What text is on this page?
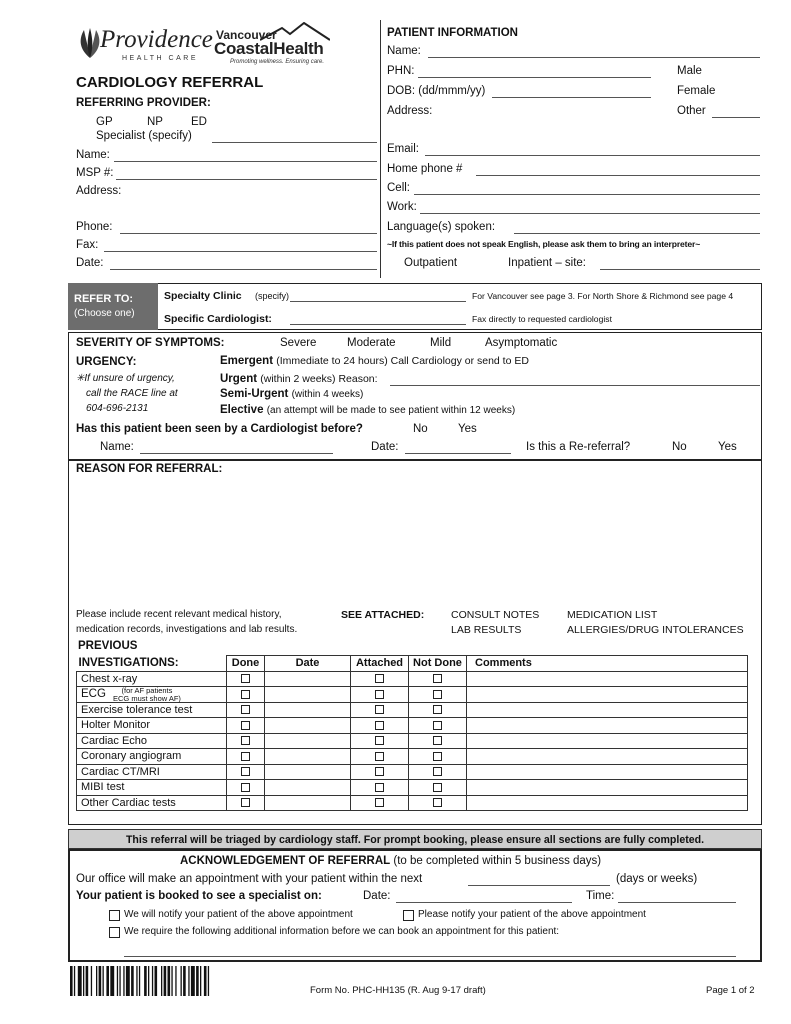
Providence
HEALTH CARE
Vancouver
CoastalHealth
Promoting wellness. Ensuring care.
CARDIOLOGY REFERRAL
REFERRING PROVIDER:
GP	NP ED
Specialist (specify)
Name:
MSP #:
Address:
Phone:
Fax:
Date:
PATIENT INFORMATION
Name:
PHN:	Male
DOB: (dd/mmm/yy)	Female
Address:	Other
Email:
Home phone #
Cell:
Work:
Language(s) spoken:
~If this patient does not speak English, please ask them to bring an interpreter~
Outpatient	Inpatient – site:
REFER TO:
(Choose one)
Specialty Clinic (specify)	For Vancouver see page 3. For North Shore & Richmond see page 4
Specific Cardiologist:	Fax directly to requested cardiologist
SEVERITY OF SYMPTOMS:	Severe	Moderate	Mild	Asymptomatic
URGENCY:
✳If unsure of urgency,
call the RACE line at
604-696-2131
Emergent (Immediate to 24 hours) Call Cardiology or send to ED
Urgent (within 2 weeks) Reason:
Semi-Urgent (within 4 weeks)
Elective (an attempt will be made to see patient within 12 weeks)
Has this patient been seen by a Cardiologist before?	No	Yes
Name:	Date:	Is this a Re-referral?	No	Yes
REASON FOR REFERRAL:
Please include recent relevant medical history,
medication records, investigations and lab results.
SEE ATTACHED:	CONSULT NOTES
LAB RESULTS
MEDICATION LIST
ALLERGIES/DRUG INTOLERANCES
PREVIOUS
INVESTIGATIONS:	Done	Date	Attached	Not Done	Comments
Chest x-ray					
ECG (for AF patients
ECG must show AF)					

Exercise tolerance test					
Holter Monitor					
Cardiac Echo					
Coronary angiogram					
Cardiac CT/MRI					
MIBI test					
Other Cardiac tests					
This referral will be triaged by cardiology staff. For prompt booking, please ensure all sections are fully completed.
ACKNOWLEDGEMENT OF REFERRAL (to be completed within 5 business days)
Our office will make an appointment with your patient within the next	(days or weeks)
Your patient is booked to see a specialist on:	Date:	Time:
We will notify your patient of the above appointment	Please notify your patient of the above appointment
We require the following additional information before we can book an appointment for this patient:
Form No. PHC-HH135 (R. Aug 9-17 draft)	Page 1 of 2
